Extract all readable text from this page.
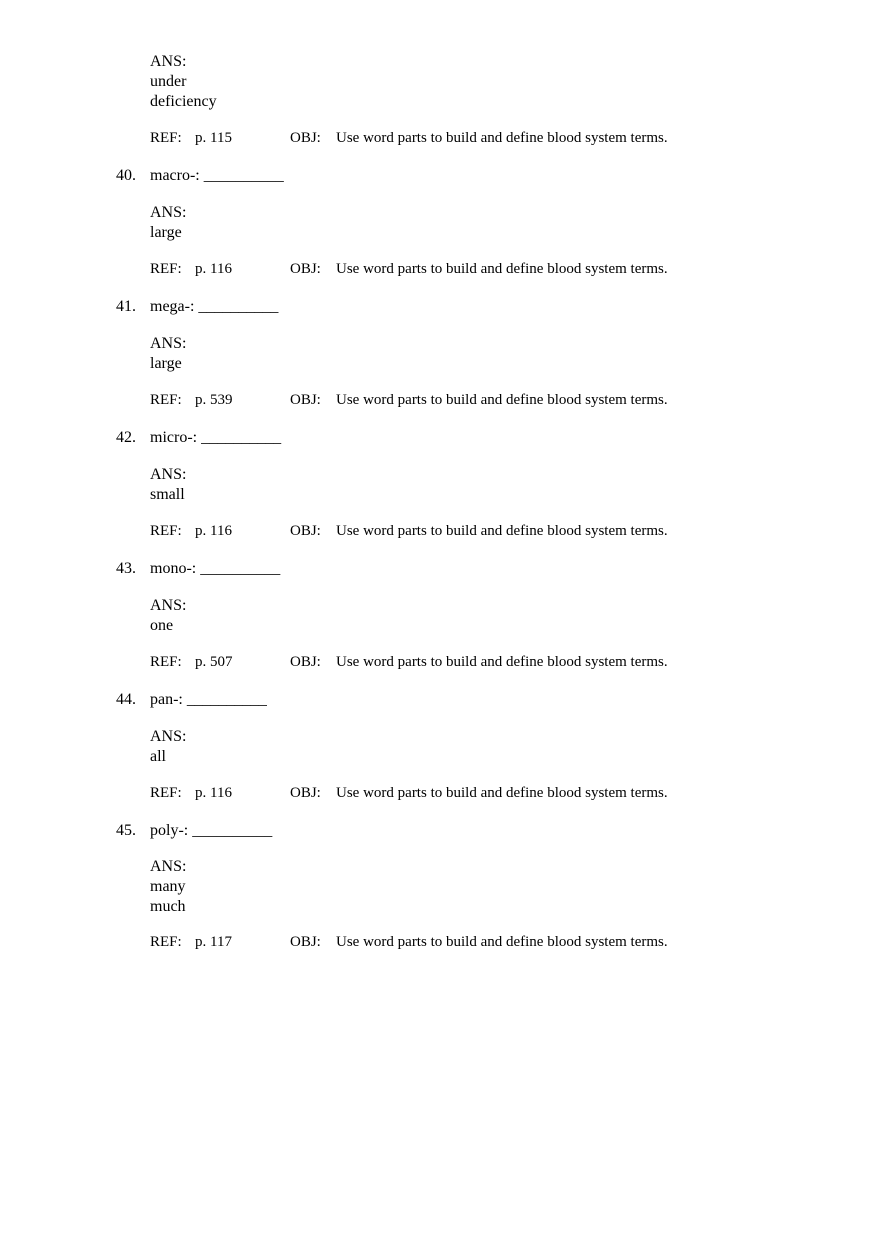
ANS:
under
deficiency
REF: p. 115	OBJ: Use word parts to build and define blood system terms.
40. macro-: __________
ANS:
large
REF: p. 116	OBJ: Use word parts to build and define blood system terms.
41. mega-: __________
ANS:
large
REF: p. 539	OBJ: Use word parts to build and define blood system terms.
42. micro-: __________
ANS:
small
REF: p. 116	OBJ: Use word parts to build and define blood system terms.
43. mono-: __________
ANS:
one
REF: p. 507	OBJ: Use word parts to build and define blood system terms.
44. pan-: __________
ANS:
all
REF: p. 116	OBJ: Use word parts to build and define blood system terms.
45. poly-: __________
ANS:
many
much
REF: p. 117	OBJ: Use word parts to build and define blood system terms.
